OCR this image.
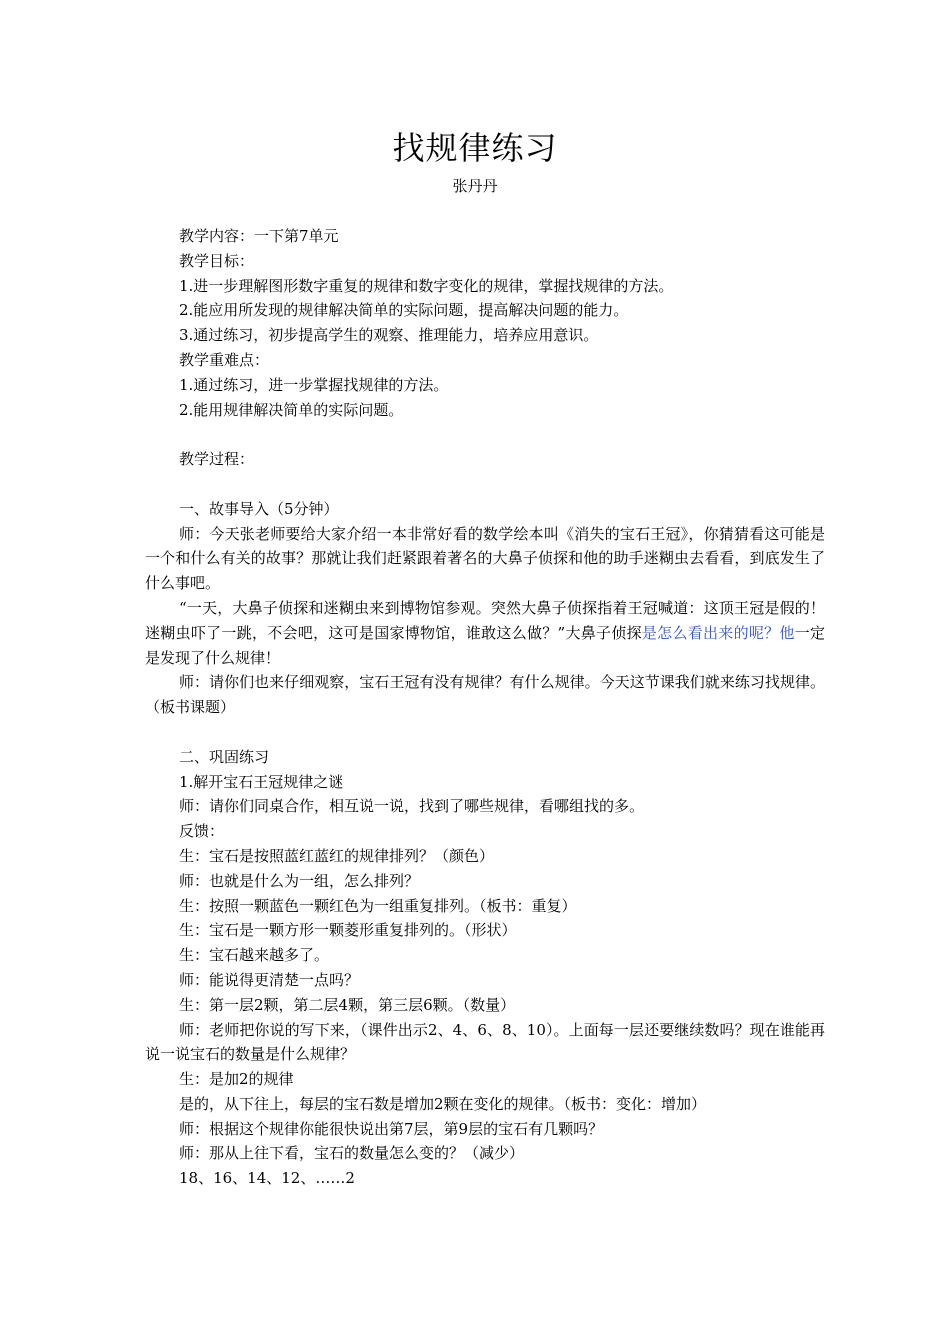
找规律练习
张丹丹

教学内容：一下第7单元

教学目标：

1.进一步理解图形数字重复的规律和数字变化的规律，掌握找规律的方法。

2.能应用所发现的规律解决简单的实际问题，提高解决问题的能力。

3.通过练习，初步提高学生的观察、推理能力，培养应用意识。

教学重难点：

1.通过练习，进一步掌握找规律的方法。

2.能用规律解决简单的实际问题。

教学过程：

一、故事导入（5分钟）

师：今天张老师要给大家介绍一本非常好看的数学绘本叫《消失的宝石王冠》，你猜猜看这可能是一个和什么有关的故事？那就让我们赶紧跟着著名的大鼻子侦探和他的助手迷糊虫去看看，到底发生了什么事吧。

“一天，大鼻子侦探和迷糊虫来到博物馆参观。突然大鼻子侦探指着王冠喊道：这顶王冠是假的！迷糊虫吓了一跳，不会吧，这可是国家博物馆，谁敢这么做？”大鼻子侦探是怎么看出来的呢？他一定是发现了什么规律！

师：请你们也来仔细观察，宝石王冠有没有规律？有什么规律。今天这节课我们就来练习找规律。（板书课题）

二、巩固练习

1.解开宝石王冠规律之谜

师：请你们同桌合作，相互说一说，找到了哪些规律，看哪组找的多。

反馈：

生：宝石是按照蓝红蓝红的规律排列？（颜色）

师：也就是什么为一组，怎么排列？

生：按照一颗蓝色一颗红色为一组重复排列。（板书：重复）

生：宝石是一颗方形一颗菱形重复排列的。（形状）

生：宝石越来越多了。

师：能说得更清楚一点吗？

生：第一层2颗，第二层4颗，第三层6颗。（数量）

师：老师把你说的写下来，（课件出示2、4、6、8、10）。上面每一层还要继续数吗？现在谁能再说一说宝石的数量是什么规律？

生：是加2的规律

是的，从下往上，每层的宝石数是增加2颗在变化的规律。（板书：变化：增加）

师：根据这个规律你能很快说出第7层，第9层的宝石有几颗吗？

师：那从上往下看，宝石的数量怎么变的？（减少）

18、16、14、12、……2
